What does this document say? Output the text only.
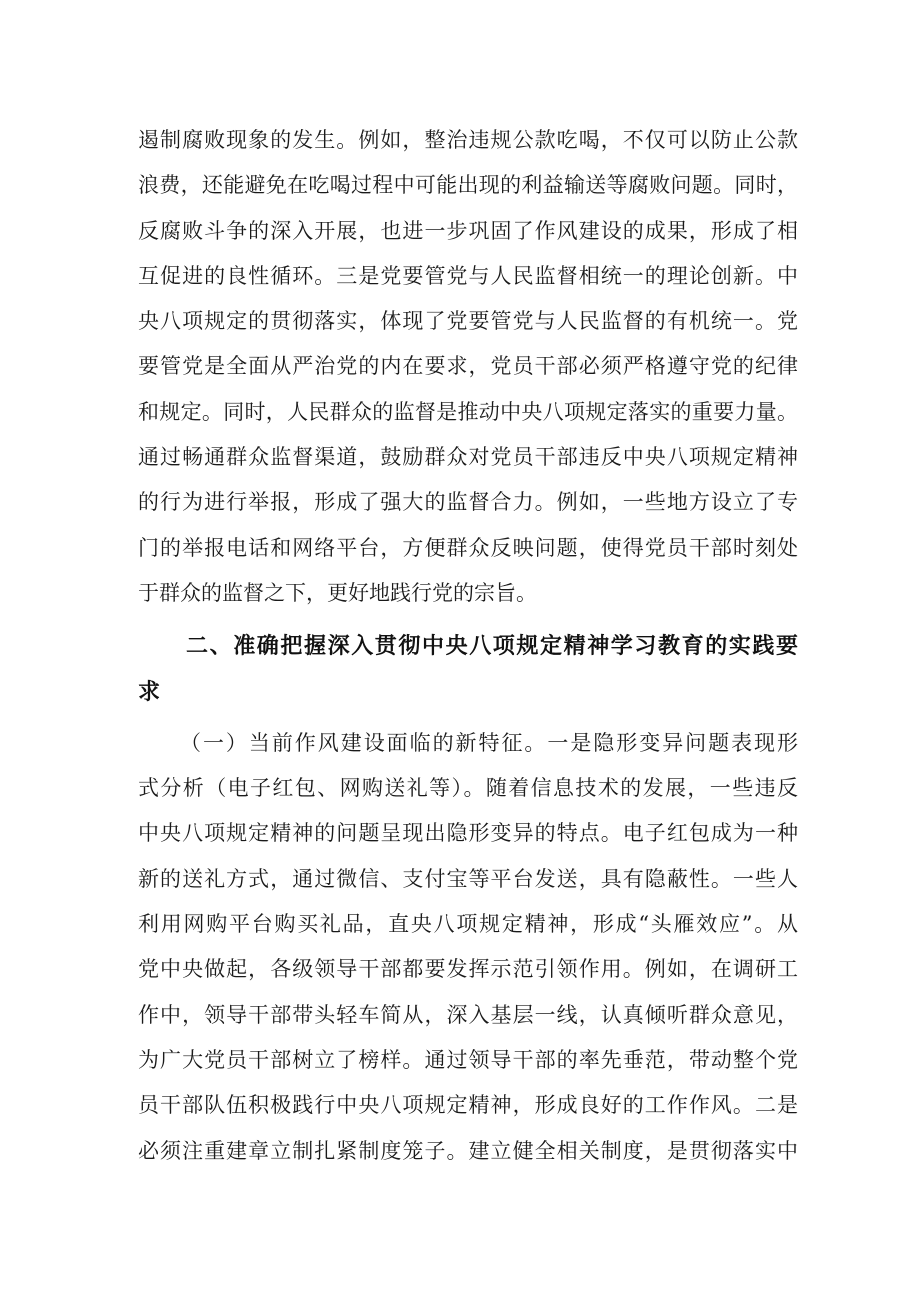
遏制腐败现象的发生。例如，整治违规公款吃喝，不仅可以防止公款
浪费，还能避免在吃喝过程中可能出现的利益输送等腐败问题。同时，
反腐败斗争的深入开展，也进一步巩固了作风建设的成果，形成了相
互促进的良性循环。三是党要管党与人民监督相统一的理论创新。中
央八项规定的贯彻落实，体现了党要管党与人民监督的有机统一。党
要管党是全面从严治党的内在要求，党员干部必须严格遵守党的纪律
和规定。同时，人民群众的监督是推动中央八项规定落实的重要力量。
通过畅通群众监督渠道，鼓励群众对党员干部违反中央八项规定精神
的行为进行举报，形成了强大的监督合力。例如，一些地方设立了专
门的举报电话和网络平台，方便群众反映问题，使得党员干部时刻处
于群众的监督之下，更好地践行党的宗旨。
二、准确把握深入贯彻中央八项规定精神学习教育的实践要
求
（一）当前作风建设面临的新特征。一是隐形变异问题表现形
式分析（电子红包、网购送礼等）。随着信息技术的发展，一些违反
中央八项规定精神的问题呈现出隐形变异的特点。电子红包成为一种
新的送礼方式，通过微信、支付宝等平台发送，具有隐蔽性。一些人
利用网购平台购买礼品，直央八项规定精神，形成“头雁效应”。从
党中央做起，各级领导干部都要发挥示范引领作用。例如，在调研工
作中，领导干部带头轻车简从，深入基层一线，认真倾听群众意见，
为广大党员干部树立了榜样。通过领导干部的率先垂范，带动整个党
员干部队伍积极践行中央八项规定精神，形成良好的工作作风。二是
必须注重建章立制扎紧制度笼子。建立健全相关制度，是贯彻落实中
